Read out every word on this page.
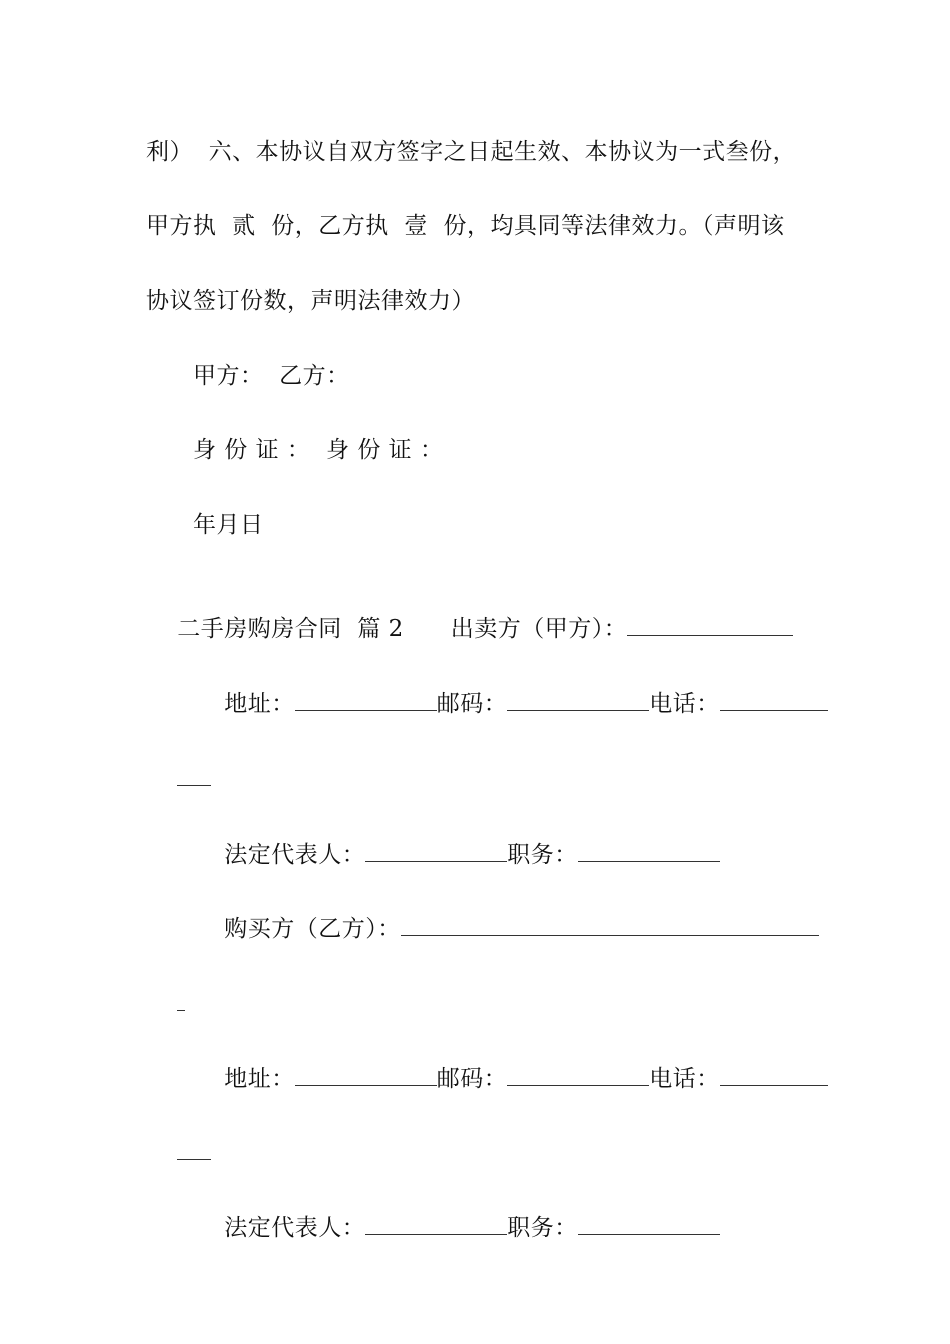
利）  六、本协议自双方签字之日起生效、本协议为一式叁份，
甲方执  贰  份，乙方执  壹  份，均具同等法律效力。（声明该
协议签订份数，声明法律效力）
甲方：  乙方：
身 份 证 ：  身 份 证 ：
年月日

二手房购房合同  篇 2 出卖方（甲方）：

地址：	邮码：	电话：

法定代表人：	职务：

购买方（乙方）：

地址：	邮码：	电话：

法定代表人：	职务：
